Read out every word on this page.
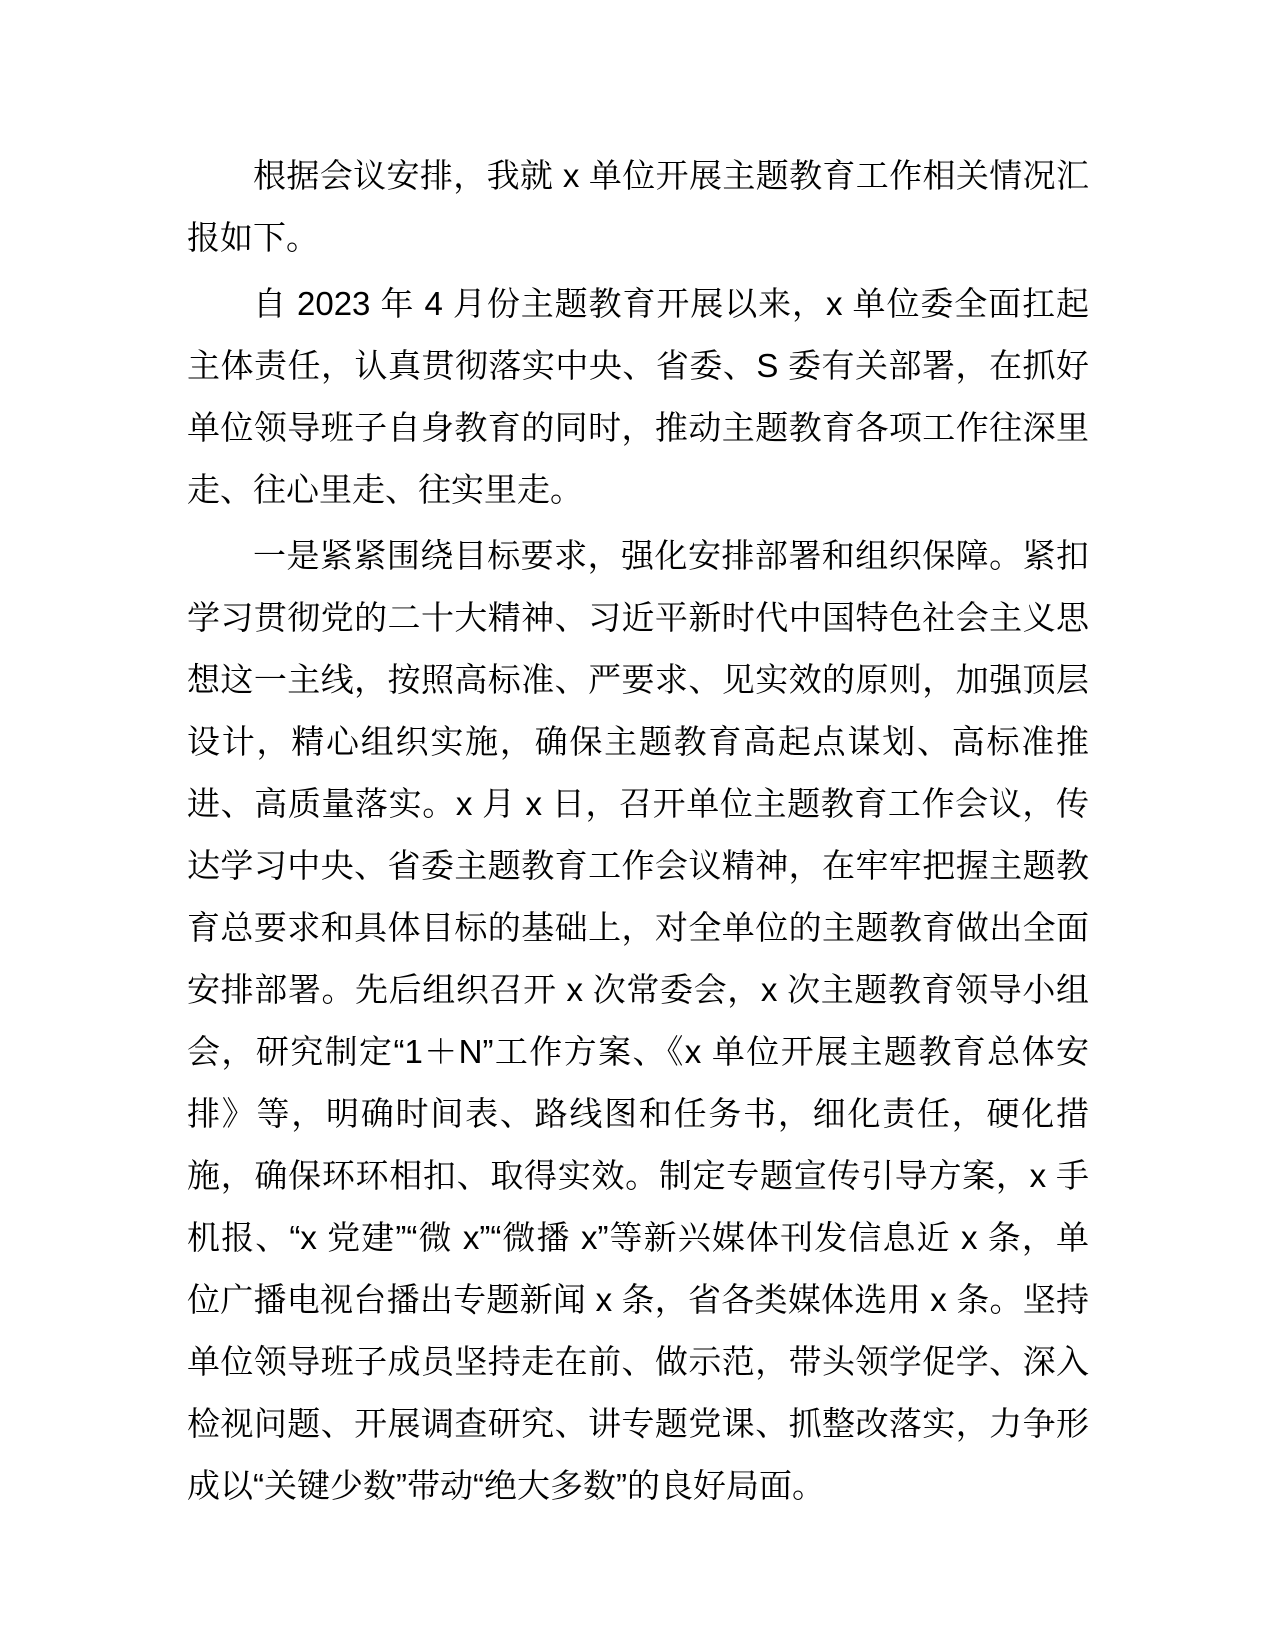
根据会议安排，我就 x 单位开展主题教育工作相关情况汇报如下。

自 2023 年 4 月份主题教育开展以来，x 单位委全面扛起主体责任，认真贯彻落实中央、省委、S 委有关部署，在抓好单位领导班子自身教育的同时，推动主题教育各项工作往深里走、往心里走、往实里走。

一是紧紧围绕目标要求，强化安排部署和组织保障。紧扣学习贯彻党的二十大精神、习近平新时代中国特色社会主义思想这一主线，按照高标准、严要求、见实效的原则，加强顶层设计，精心组织实施，确保主题教育高起点谋划、高标准推进、高质量落实。x 月 x 日，召开单位主题教育工作会议，传达学习中央、省委主题教育工作会议精神，在牢牢把握主题教育总要求和具体目标的基础上，对全单位的主题教育做出全面安排部署。先后组织召开 x 次常委会，x 次主题教育领导小组会，研究制定“1＋N”工作方案、《x 单位开展主题教育总体安排》等，明确时间表、路线图和任务书，细化责任，硬化措施，确保环环相扣、取得实效。制定专题宣传引导方案，x 手机报、“x 党建”“微 x”“微播 x”等新兴媒体刊发信息近 x 条，单位广播电视台播出专题新闻 x 条，省各类媒体选用 x 条。坚持单位领导班子成员坚持走在前、做示范，带头领学促学、深入检视问题、开展调查研究、讲专题党课、抓整改落实，力争形成以“关键少数”带动“绝大多数”的良好局面。
